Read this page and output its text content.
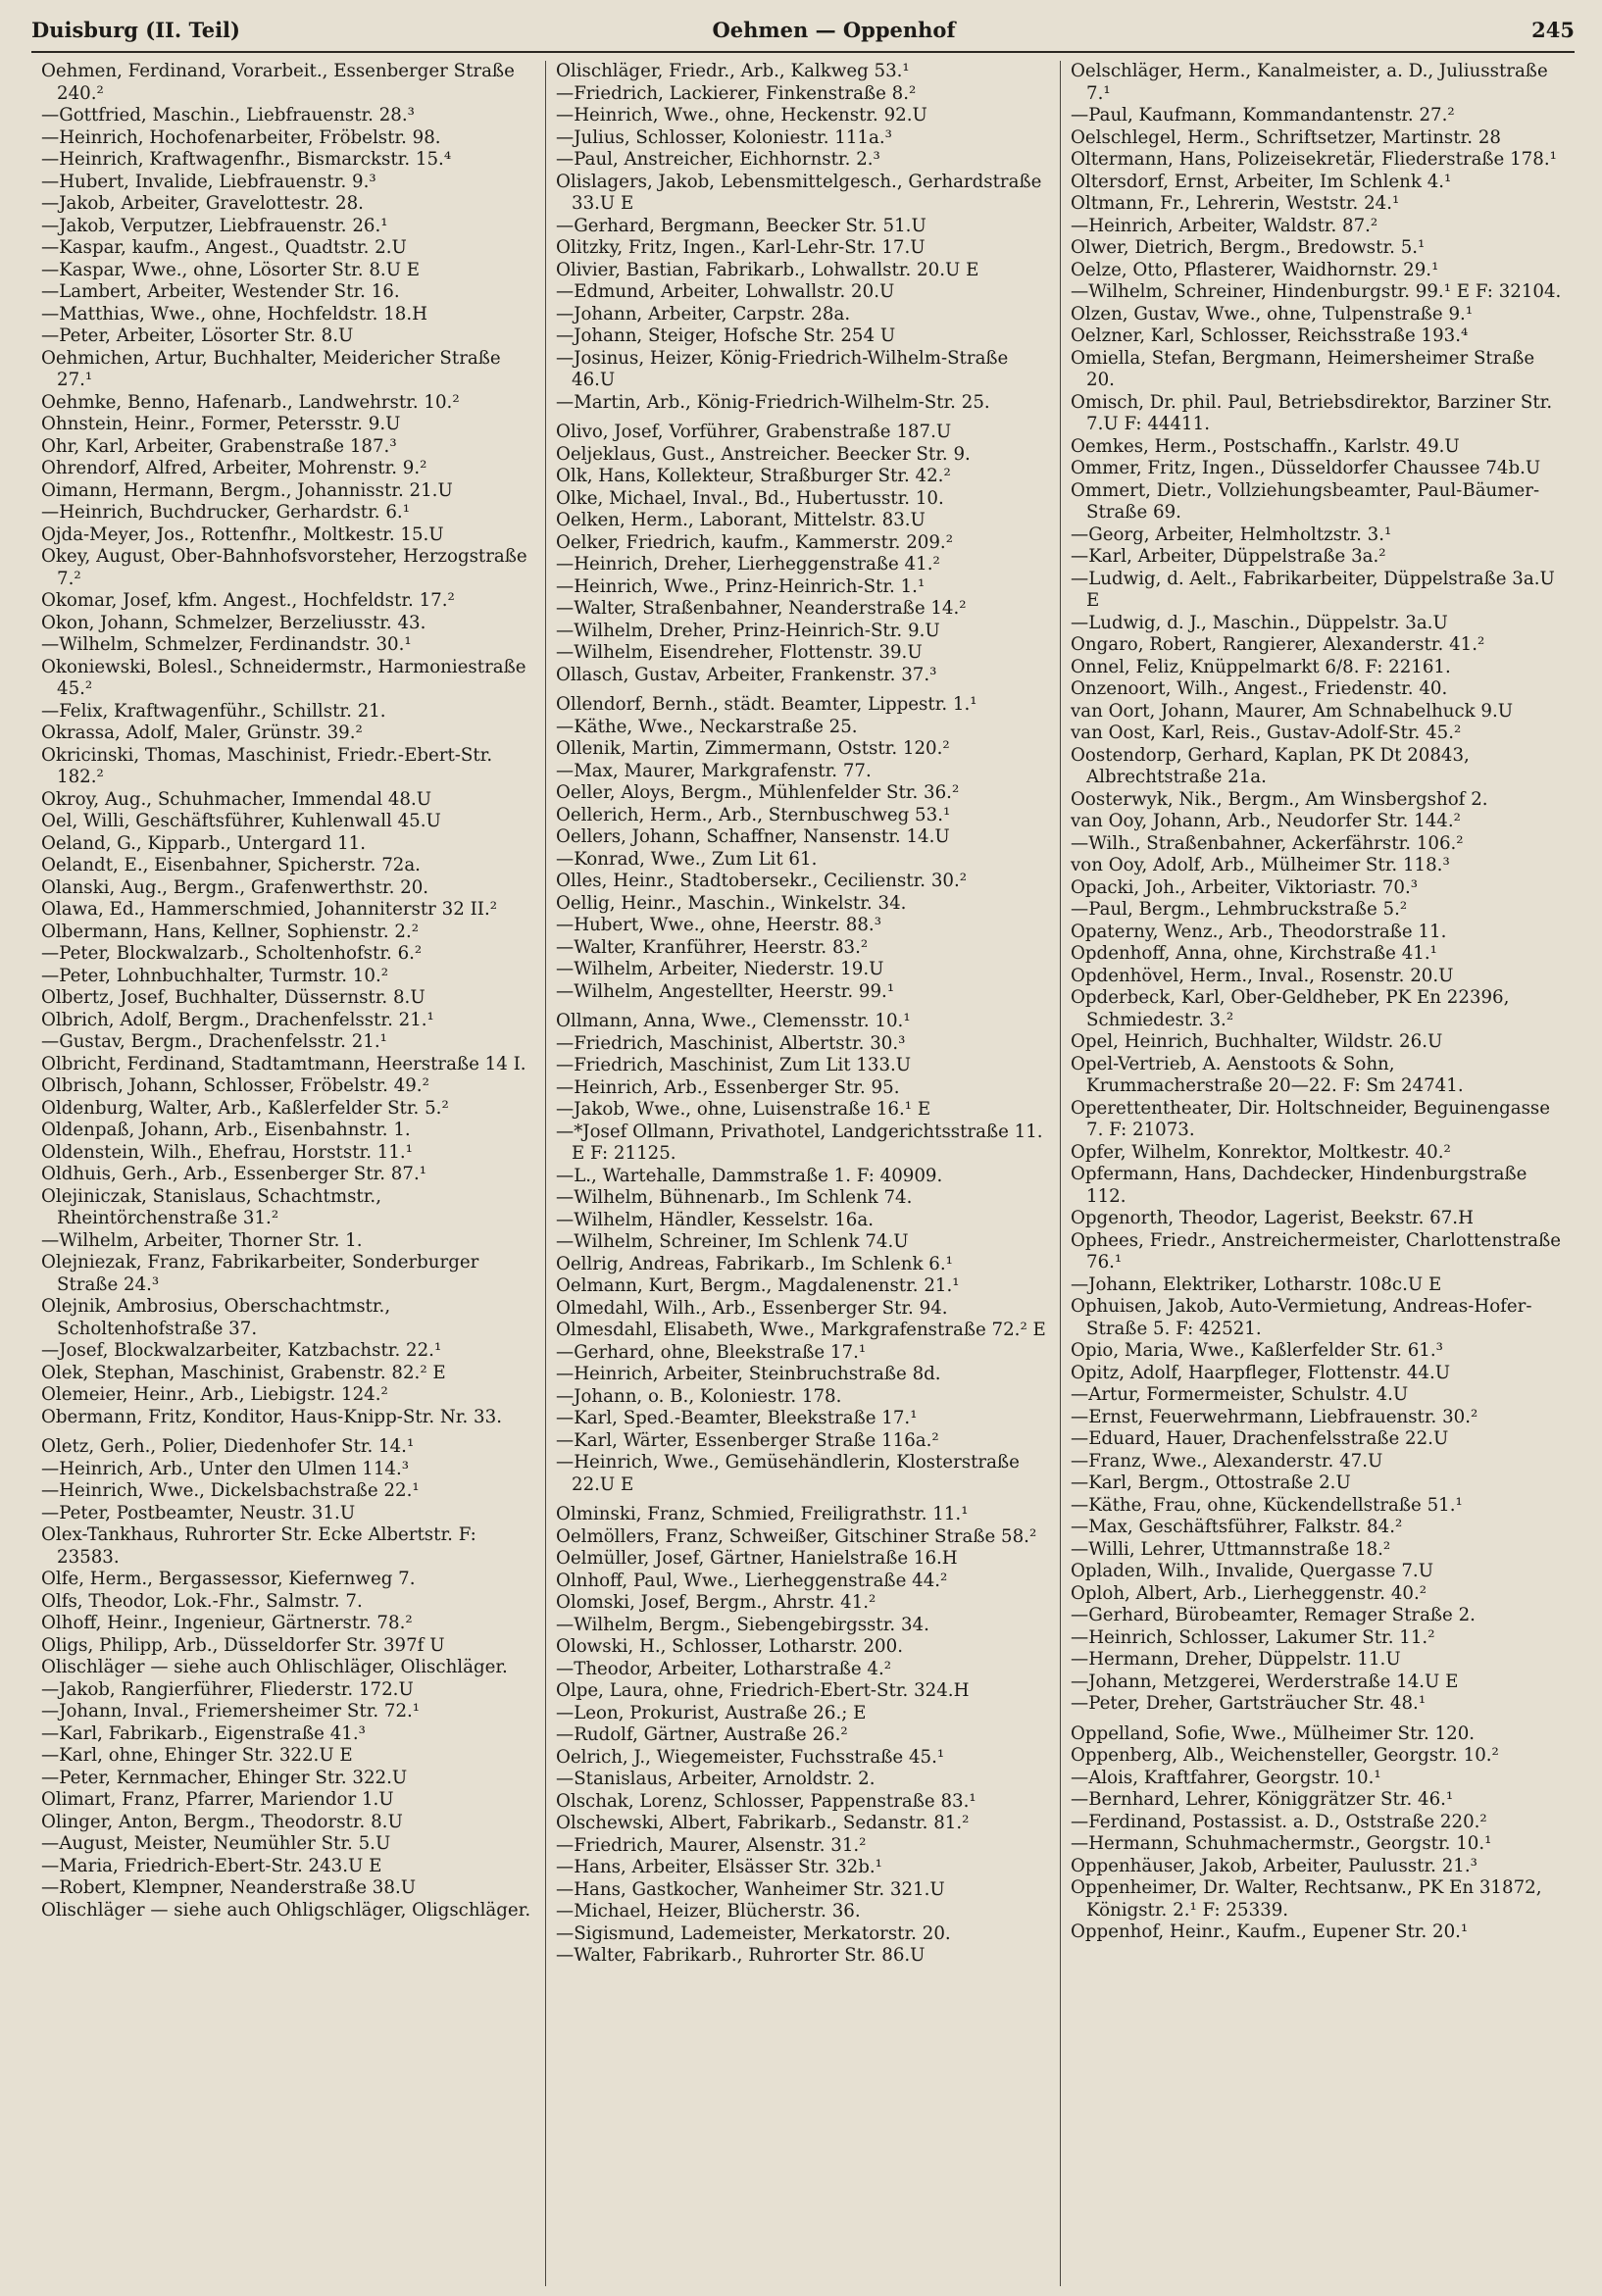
Duisburg (II. Teil)	Oehmen — Oppenhof	245

Oehmen, Ferdinand, Vorarbeit., Essenberger Straße 240.²

—Gottfried, Maschin., Liebfrauenstr. 28.³

—Heinrich, Hochofenarbeiter, Fröbelstr. 98.

—Heinrich, Kraftwagenfhr., Bismarckstr. 15.⁴

—Hubert, Invalide, Liebfrauenstr. 9.³

—Jakob, Arbeiter, Gravelottestr. 28.

—Jakob, Verputzer, Liebfrauenstr. 26.¹

—Kaspar, kaufm., Angest., Quadtstr. 2.U

—Kaspar, Wwe., ohne, Lösorter Str. 8.U E

—Lambert, Arbeiter, Westender Str. 16.

—Matthias, Wwe., ohne, Hochfeldstr. 18.H

—Peter, Arbeiter, Lösorter Str. 8.U

Oehmichen, Artur, Buchhalter, Meidericher Straße 27.¹

Oehmke, Benno, Hafenarb., Landwehrstr. 10.²

Ohnstein, Heinr., Former, Petersstr. 9.U

Ohr, Karl, Arbeiter, Grabenstraße 187.³

Ohrendorf, Alfred, Arbeiter, Mohrenstr. 9.²

Oimann, Hermann, Bergm., Johannisstr. 21.U

—Heinrich, Buchdrucker, Gerhardstr. 6.¹

Ojda-Meyer, Jos., Rottenfhr., Moltkestr. 15.U

Okey, August, Ober-Bahnhofsvorsteher, Herzogstraße 7.²

Okomar, Josef, kfm. Angest., Hochfeldstr. 17.²

Okon, Johann, Schmelzer, Berzeliusstr. 43.

—Wilhelm, Schmelzer, Ferdinandstr. 30.¹

Okoniewski, Bolesl., Schneidermstr., Harmoniestraße 45.²

—Felix, Kraftwagenführ., Schillstr. 21.

Okrassa, Adolf, Maler, Grünstr. 39.²

Okricinski, Thomas, Maschinist, Friedr.-Ebert-Str. 182.²

Okroy, Aug., Schuhmacher, Immendal 48.U

Oel, Willi, Geschäftsführer, Kuhlenwall 45.U

Oeland, G., Kipparb., Untergard 11.

Oelandt, E., Eisenbahner, Spicherstr. 72a.

Olanski, Aug., Bergm., Grafenwerthstr. 20.

Olawa, Ed., Hammerschmied, Johanniterstr 32 II.²

Olbermann, Hans, Kellner, Sophienstr. 2.²

—Peter, Blockwalzarb., Scholtenhofstr. 6.²

—Peter, Lohnbuchhalter, Turmstr. 10.²

Olbertz, Josef, Buchhalter, Düssernstr. 8.U

Olbrich, Adolf, Bergm., Drachenfelsstr. 21.¹

—Gustav, Bergm., Drachenfelsstr. 21.¹

Olbricht, Ferdinand, Stadtamtmann, Heerstraße 14 I.

Olbrisch, Johann, Schlosser, Fröbelstr. 49.²

Oldenburg, Walter, Arb., Kaßlerfelder Str. 5.²

Oldenpaß, Johann, Arb., Eisenbahnstr. 1.

Oldenstein, Wilh., Ehefrau, Horststr. 11.¹

Oldhuis, Gerh., Arb., Essenberger Str. 87.¹

Olejiniczak, Stanislaus, Schachtmstr., Rheintörchenstraße 31.²

—Wilhelm, Arbeiter, Thorner Str. 1.

Olejniezak, Franz, Fabrikarbeiter, Sonderburger Straße 24.³

Olejnik, Ambrosius, Oberschachtmstr., Scholtenhofstraße 37.

—Josef, Blockwalzarbeiter, Katzbachstr. 22.¹

Olek, Stephan, Maschinist, Grabenstr. 82.² E

Olemeier, Heinr., Arb., Liebigstr. 124.²

Obermann, Fritz, Konditor, Haus-Knipp-Str. Nr. 33.

Oletz, Gerh., Polier, Diedenhofer Str. 14.¹

—Heinrich, Arb., Unter den Ulmen 114.³

—Heinrich, Wwe., Dickelsbachstraße 22.¹

—Peter, Postbeamter, Neustr. 31.U

Olex-Tankhaus, Ruhrorter Str. Ecke Albertstr. F: 23583.

Olfe, Herm., Bergassessor, Kiefernweg 7.

Olfs, Theodor, Lok.-Fhr., Salmstr. 7.

Olhoff, Heinr., Ingenieur, Gärtnerstr. 78.²

Oligs, Philipp, Arb., Düsseldorfer Str. 397f U

Olischläger — siehe auch Ohlischläger, Olischläger.

—Jakob, Rangierführer, Fliederstr. 172.U

—Johann, Inval., Friemersheimer Str. 72.¹

—Karl, Fabrikarb., Eigenstraße 41.³

—Karl, ohne, Ehinger Str. 322.U E

—Peter, Kernmacher, Ehinger Str. 322.U

Olimart, Franz, Pfarrer, Mariendor 1.U

Olinger, Anton, Bergm., Theodorstr. 8.U

—August, Meister, Neumühler Str. 5.U

—Maria, Friedrich-Ebert-Str. 243.U E

—Robert, Klempner, Neanderstraße 38.U

Olischläger — siehe auch Ohligschläger, Oligschläger.

Olischläger, Friedr., Arb., Kalkweg 53.¹

—Friedrich, Lackierer, Finkenstraße 8.²

—Heinrich, Wwe., ohne, Heckenstr. 92.U

—Julius, Schlosser, Koloniestr. 111a.³

—Paul, Anstreicher, Eichhornstr. 2.³

Olislagers, Jakob, Lebensmittelgesch., Gerhardstraße 33.U E

—Gerhard, Bergmann, Beecker Str. 51.U

Olitzky, Fritz, Ingen., Karl-Lehr-Str. 17.U

Olivier, Bastian, Fabrikarb., Lohwallstr. 20.U E

—Edmund, Arbeiter, Lohwallstr. 20.U

—Johann, Arbeiter, Carpstr. 28a.

—Johann, Steiger, Hofsche Str. 254 U

—Josinus, Heizer, König-Friedrich-Wilhelm-Straße 46.U

—Martin, Arb., König-Friedrich-Wilhelm-Str. 25.

Olivo, Josef, Vorführer, Grabenstraße 187.U

Oeljeklaus, Gust., Anstreicher. Beecker Str. 9.

Olk, Hans, Kollekteur, Straßburger Str. 42.²

Olke, Michael, Inval., Bd., Hubertusstr. 10.

Oelken, Herm., Laborant, Mittelstr. 83.U

Oelker, Friedrich, kaufm., Kammerstr. 209.²

—Heinrich, Dreher, Lierheggenstraße 41.²

—Heinrich, Wwe., Prinz-Heinrich-Str. 1.¹

—Walter, Straßenbahner, Neanderstraße 14.²

—Wilhelm, Dreher, Prinz-Heinrich-Str. 9.U

—Wilhelm, Eisendreher, Flottenstr. 39.U

Ollasch, Gustav, Arbeiter, Frankenstr. 37.³

Ollendorf, Bernh., städt. Beamter, Lippestr. 1.¹

—Käthe, Wwe., Neckarstraße 25.

Ollenik, Martin, Zimmermann, Oststr. 120.²

—Max, Maurer, Markgrafenstr. 77.

Oeller, Aloys, Bergm., Mühlenfelder Str. 36.²

Oellerich, Herm., Arb., Sternbuschweg 53.¹

Oellers, Johann, Schaffner, Nansenstr. 14.U

—Konrad, Wwe., Zum Lit 61.

Olles, Heinr., Stadtobersekr., Cecilienstr. 30.²

Oellig, Heinr., Maschin., Winkelstr. 34.

—Hubert, Wwe., ohne, Heerstr. 88.³

—Walter, Kranführer, Heerstr. 83.²

—Wilhelm, Arbeiter, Niederstr. 19.U

—Wilhelm, Angestellter, Heerstr. 99.¹

Ollmann, Anna, Wwe., Clemensstr. 10.¹

—Friedrich, Maschinist, Albertstr. 30.³

—Friedrich, Maschinist, Zum Lit 133.U

—Heinrich, Arb., Essenberger Str. 95.

—Jakob, Wwe., ohne, Luisenstraße 16.¹ E

—*Josef Ollmann, Privathotel, Landgerichtsstraße 11. E F: 21125.

—L., Wartehalle, Dammstraße 1. F: 40909.

—Wilhelm, Bühnenarb., Im Schlenk 74.

—Wilhelm, Händler, Kesselstr. 16a.

—Wilhelm, Schreiner, Im Schlenk 74.U

Oellrig, Andreas, Fabrikarb., Im Schlenk 6.¹

Oelmann, Kurt, Bergm., Magdalenenstr. 21.¹

Olmedahl, Wilh., Arb., Essenberger Str. 94.

Olmesdahl, Elisabeth, Wwe., Markgrafenstraße 72.² E

—Gerhard, ohne, Bleekstraße 17.¹

—Heinrich, Arbeiter, Steinbruchstraße 8d.

—Johann, o. B., Koloniestr. 178.

—Karl, Sped.-Beamter, Bleekstraße 17.¹

—Karl, Wärter, Essenberger Straße 116a.²

—Heinrich, Wwe., Gemüsehändlerin, Klosterstraße 22.U E

Olminski, Franz, Schmied, Freiligrathstr. 11.¹

Oelmöllers, Franz, Schweißer, Gitschiner Straße 58.²

Oelmüller, Josef, Gärtner, Hanielstraße 16.H

Olnhoff, Paul, Wwe., Lierheggenstraße 44.²

Olomski, Josef, Bergm., Ahrstr. 41.²

—Wilhelm, Bergm., Siebengebirgsstr. 34.

Olowski, H., Schlosser, Lotharstr. 200.

—Theodor, Arbeiter, Lotharstraße 4.²

Olpe, Laura, ohne, Friedrich-Ebert-Str. 324.H

—Leon, Prokurist, Austraße 26.; E

—Rudolf, Gärtner, Austraße 26.²

Oelrich, J., Wiegemeister, Fuchsstraße 45.¹

—Stanislaus, Arbeiter, Arnoldstr. 2.

Olschak, Lorenz, Schlosser, Pappenstraße 83.¹

Olschewski, Albert, Fabrikarb., Sedanstr. 81.²

—Friedrich, Maurer, Alsenstr. 31.²

—Hans, Arbeiter, Elsässer Str. 32b.¹

—Hans, Gastkocher, Wanheimer Str. 321.U

—Michael, Heizer, Blücherstr. 36.

—Sigismund, Lademeister, Merkatorstr. 20.

—Walter, Fabrikarb., Ruhrorter Str. 86.U

Oelschläger, Herm., Kanalmeister, a. D., Juliusstraße 7.¹

—Paul, Kaufmann, Kommandantenstr. 27.²

Oelschlegel, Herm., Schriftsetzer, Martinstr. 28

Oltermann, Hans, Polizeisekretär, Fliederstraße 178.¹

Oltersdorf, Ernst, Arbeiter, Im Schlenk 4.¹

Oltmann, Fr., Lehrerin, Weststr. 24.¹

—Heinrich, Arbeiter, Waldstr. 87.²

Olwer, Dietrich, Bergm., Bredowstr. 5.¹

Oelze, Otto, Pflasterer, Waidhornstr. 29.¹

—Wilhelm, Schreiner, Hindenburgstr. 99.¹ E F: 32104.

Olzen, Gustav, Wwe., ohne, Tulpenstraße 9.¹

Oelzner, Karl, Schlosser, Reichsstraße 193.⁴

Omiella, Stefan, Bergmann, Heimersheimer Straße 20.

Omisch, Dr. phil. Paul, Betriebsdirektor, Barziner Str. 7.U F: 44411.

Oemkes, Herm., Postschaffn., Karlstr. 49.U

Ommer, Fritz, Ingen., Düsseldorfer Chaussee 74b.U

Ommert, Dietr., Vollziehungsbeamter, Paul-Bäumer-Straße 69.

—Georg, Arbeiter, Helmholtzstr. 3.¹

—Karl, Arbeiter, Düppelstraße 3a.²

—Ludwig, d. Aelt., Fabrikarbeiter, Düppelstraße 3a.U E

—Ludwig, d. J., Maschin., Düppelstr. 3a.U

Ongaro, Robert, Rangierer, Alexanderstr. 41.²

Onnel, Feliz, Knüppelmarkt 6/8. F: 22161.

Onzenoort, Wilh., Angest., Friedenstr. 40.

van Oort, Johann, Maurer, Am Schnabelhuck 9.U

van Oost, Karl, Reis., Gustav-Adolf-Str. 45.²

Oostendorp, Gerhard, Kaplan, PK Dt 20843, Albrechtstraße 21a.

Oosterwyk, Nik., Bergm., Am Winsbergshof 2.

van Ooy, Johann, Arb., Neudorfer Str. 144.²

—Wilh., Straßenbahner, Ackerfährstr. 106.²

von Ooy, Adolf, Arb., Mülheimer Str. 118.³

Opacki, Joh., Arbeiter, Viktoriastr. 70.³

—Paul, Bergm., Lehmbruckstraße 5.²

Opaterny, Wenz., Arb., Theodorstraße 11.

Opdenhoff, Anna, ohne, Kirchstraße 41.¹

Opdenhövel, Herm., Inval., Rosenstr. 20.U

Opderbeck, Karl, Ober-Geldheber, PK En 22396, Schmiedestr. 3.²

Opel, Heinrich, Buchhalter, Wildstr. 26.U

Opel-Vertrieb, A. Aenstoots & Sohn, Krummacherstraße 20—22. F: Sm 24741.

Operettentheater, Dir. Holtschneider, Beguinengasse 7. F: 21073.

Opfer, Wilhelm, Konrektor, Moltkestr. 40.²

Opfermann, Hans, Dachdecker, Hindenburgstraße 112.

Opgenorth, Theodor, Lagerist, Beekstr. 67.H

Ophees, Friedr., Anstreichermeister, Charlottenstraße 76.¹

—Johann, Elektriker, Lotharstr. 108c.U E

Ophuisen, Jakob, Auto-Vermietung, Andreas-Hofer-Straße 5. F: 42521.

Opio, Maria, Wwe., Kaßlerfelder Str. 61.³

Opitz, Adolf, Haarpfleger, Flottenstr. 44.U

—Artur, Formermeister, Schulstr. 4.U

—Ernst, Feuerwehrmann, Liebfrauenstr. 30.²

—Eduard, Hauer, Drachenfelsstraße 22.U

—Franz, Wwe., Alexanderstr. 47.U

—Karl, Bergm., Ottostraße 2.U

—Käthe, Frau, ohne, Kückendellstraße 51.¹

—Max, Geschäftsführer, Falkstr. 84.²

—Willi, Lehrer, Uttmannstraße 18.²

Opladen, Wilh., Invalide, Quergasse 7.U

Oploh, Albert, Arb., Lierheggenstr. 40.²

—Gerhard, Bürobeamter, Remager Straße 2.

—Heinrich, Schlosser, Lakumer Str. 11.²

—Hermann, Dreher, Düppelstr. 11.U

—Johann, Metzgerei, Werderstraße 14.U E

—Peter, Dreher, Gartsträucher Str. 48.¹

Oppelland, Sofie, Wwe., Mülheimer Str. 120.

Oppenberg, Alb., Weichensteller, Georgstr. 10.²

—Alois, Kraftfahrer, Georgstr. 10.¹

—Bernhard, Lehrer, Königgrätzer Str. 46.¹

—Ferdinand, Postassist. a. D., Oststraße 220.²

—Hermann, Schuhmachermstr., Georgstr. 10.¹

Oppenhäuser, Jakob, Arbeiter, Paulusstr. 21.³

Oppenheimer, Dr. Walter, Rechtsanw., PK En 31872, Königstr. 2.¹ F: 25339.

Oppenhof, Heinr., Kaufm., Eupener Str. 20.¹
